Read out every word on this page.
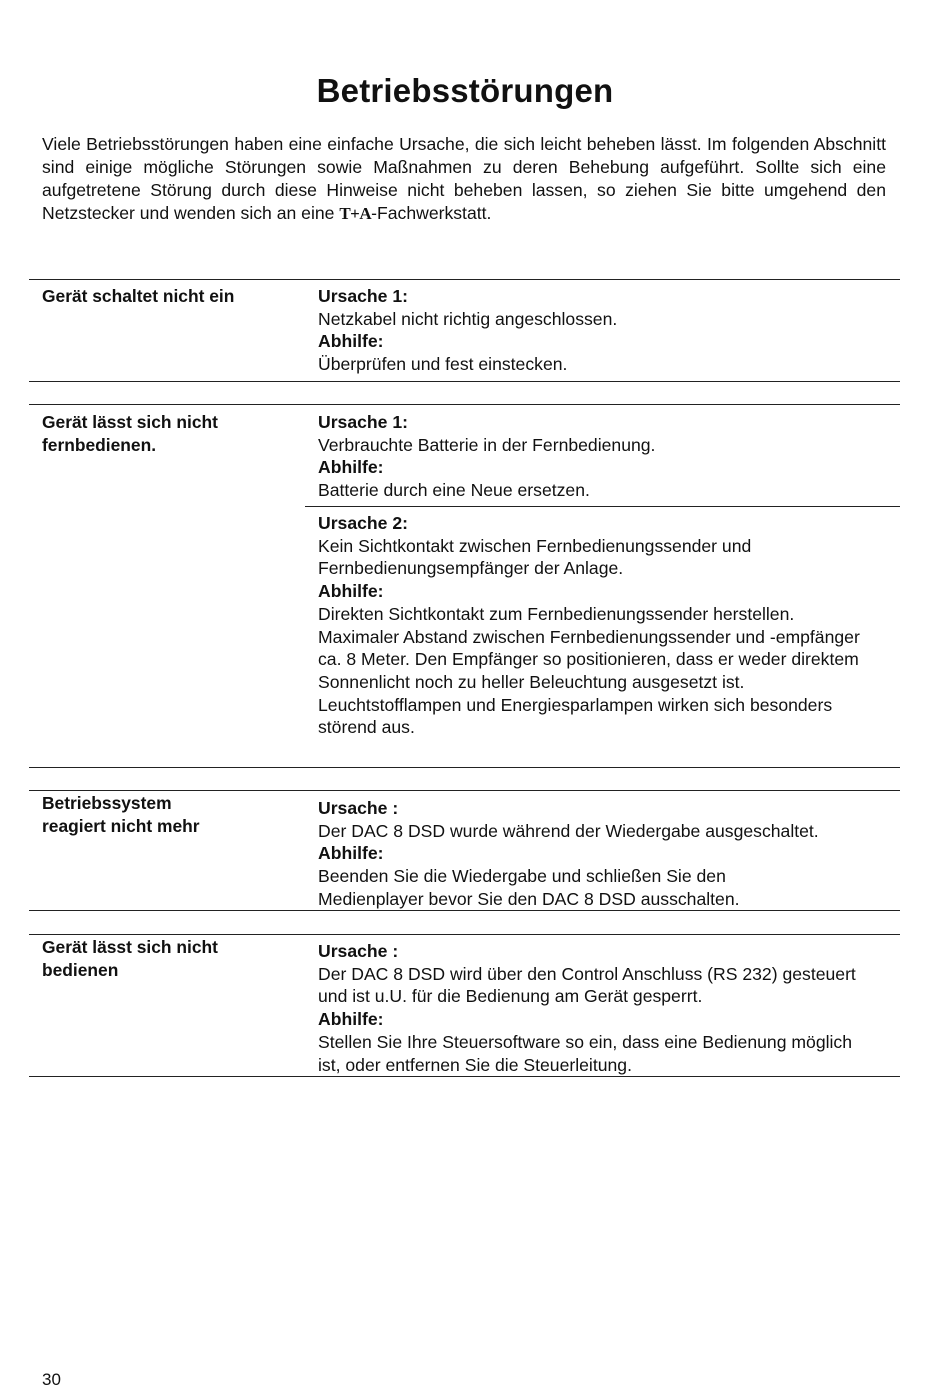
Betriebsstörungen
Viele Betriebsstörungen haben eine einfache Ursache, die sich leicht beheben lässt. Im folgenden Abschnitt sind einige mögliche Störungen sowie Maßnahmen zu deren Behebung aufgeführt. Sollte sich eine aufgetretene Störung durch diese Hinweise nicht beheben lassen, so ziehen Sie bitte umgehend den Netzstecker und wenden sich an eine T+A-Fachwerkstatt.
Gerät schaltet nicht ein	Ursache 1:
Netzkabel nicht richtig angeschlossen.
Abhilfe:
Überprüfen und fest einstecken.
Gerät lässt sich nicht fernbedienen.
Ursache 1:
Verbrauchte Batterie in der Fernbedienung.
Abhilfe:
Batterie durch eine Neue ersetzen.
Ursache 2:
Kein Sichtkontakt zwischen Fernbedienungssender und Fernbedienungsempfänger der Anlage.
Abhilfe:
Direkten Sichtkontakt zum Fernbedienungssender herstellen. Maximaler Abstand zwischen Fernbedienungssender und -empfänger ca. 8 Meter. Den Empfänger so positionieren, dass er weder direktem Sonnenlicht noch zu heller Beleuchtung ausgesetzt ist. Leuchtstofflampen und Energiesparlampen wirken sich besonders störend aus.
Betriebssystem reagiert nicht mehr
Ursache :
Der DAC 8 DSD wurde während der Wiedergabe ausgeschaltet.
Abhilfe:
Beenden Sie die Wiedergabe und schließen Sie den Medienplayer bevor Sie den DAC 8 DSD ausschalten.
Gerät lässt sich nicht bedienen
Ursache :
Der DAC 8 DSD wird über den Control Anschluss (RS 232) gesteuert und ist u.U. für die Bedienung am Gerät gesperrt.
Abhilfe:
Stellen Sie Ihre Steuersoftware so ein, dass eine Bedienung möglich ist, oder entfernen Sie die Steuerleitung.
30
